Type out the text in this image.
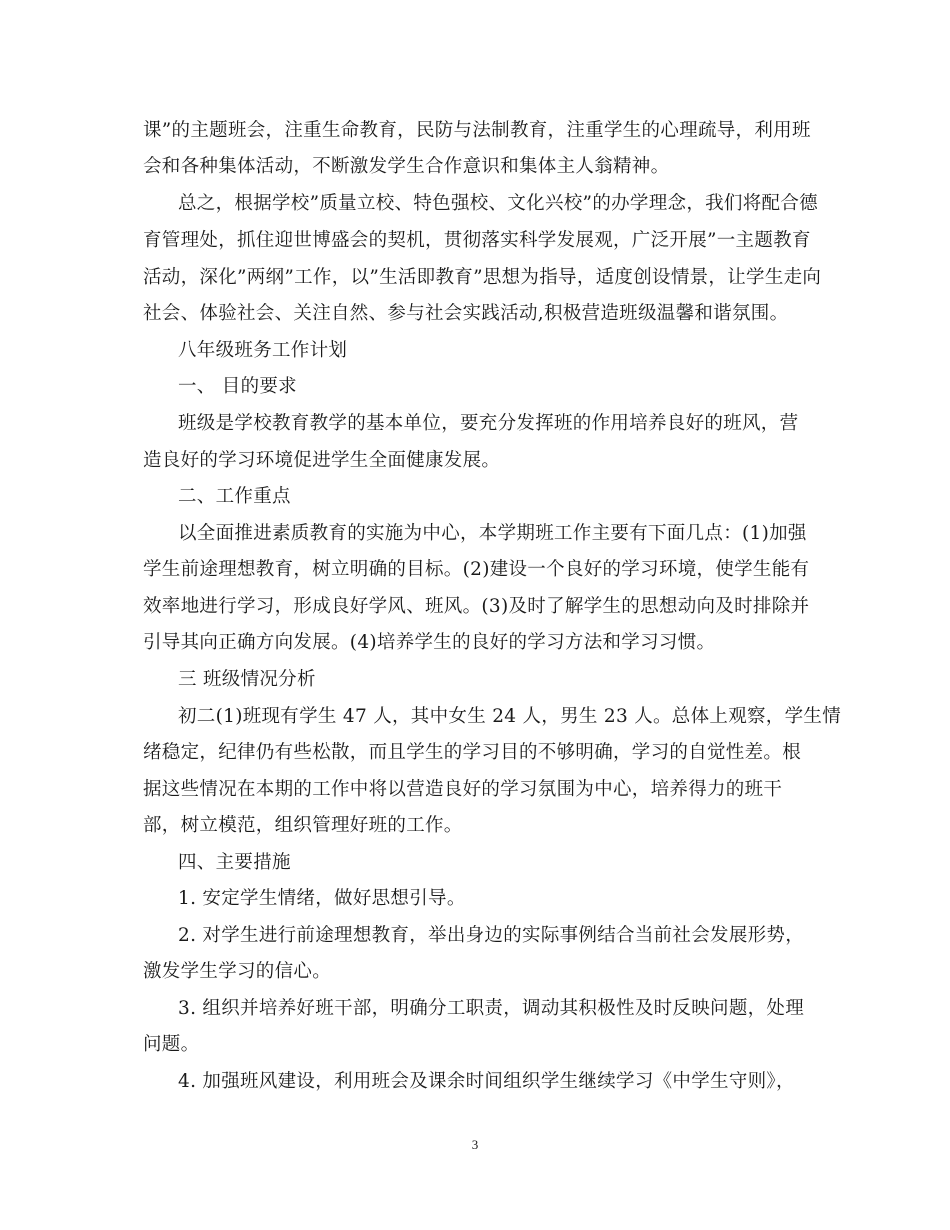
课”的主题班会，注重生命教育，民防与法制教育，注重学生的心理疏导，利用班
会和各种集体活动，不断激发学生合作意识和集体主人翁精神。
总之，根据学校”质量立校、特色强校、文化兴校”的办学理念，我们将配合德
育管理处，抓住迎世博盛会的契机，贯彻落实科学发展观，广泛开展”一主题教育
活动，深化”两纲”工作，以”生活即教育”思想为指导，适度创设情景，让学生走向
社会、体验社会、关注自然、参与社会实践活动,积极营造班级温馨和谐氛围。
八年级班务工作计划
一、 目的要求
班级是学校教育教学的基本单位，要充分发挥班的作用培养良好的班风，营
造良好的学习环境促进学生全面健康发展。
二、工作重点
以全面推进素质教育的实施为中心，本学期班工作主要有下面几点：(1)加强
学生前途理想教育，树立明确的目标。(2)建设一个良好的学习环境，使学生能有
效率地进行学习，形成良好学风、班风。(3)及时了解学生的思想动向及时排除并
引导其向正确方向发展。(4)培养学生的良好的学习方法和学习习惯。
三 班级情况分析
初二(1)班现有学生 47 人，其中女生 24 人，男生 23 人。总体上观察，学生情
绪稳定，纪律仍有些松散，而且学生的学习目的不够明确，学习的自觉性差。根
据这些情况在本期的工作中将以营造良好的学习氛围为中心，培养得力的班干
部，树立模范，组织管理好班的工作。
四、主要措施
1. 安定学生情绪，做好思想引导。
2. 对学生进行前途理想教育，举出身边的实际事例结合当前社会发展形势，
激发学生学习的信心。
3. 组织并培养好班干部，明确分工职责，调动其积极性及时反映问题，处理
问题。
4. 加强班风建设，利用班会及课余时间组织学生继续学习《中学生守则》，
3
